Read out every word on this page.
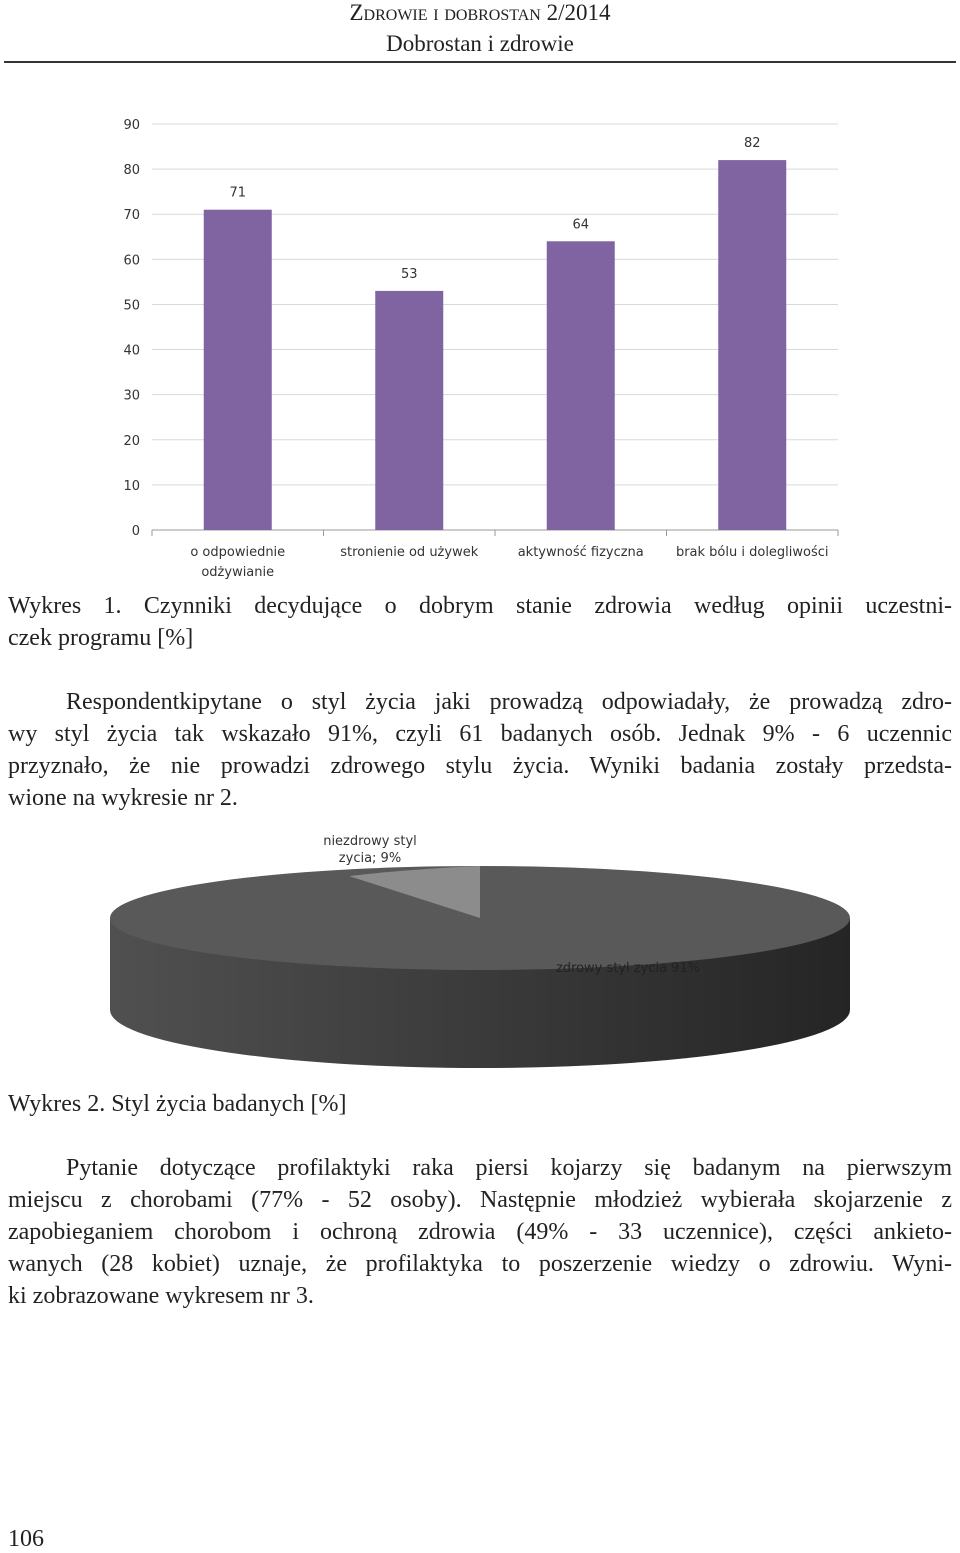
Zdrowie i dobrostan 2/2014
Dobrostan i zdrowie
0
10
20
30
40
50
60
70
80
90
71
o odpowiednie
odżywianie
53
stronienie od używek
64
aktywność fizyczna
82
brak bólu i dolegliwości
Wykres 1. Czynniki decydujące o dobrym stanie zdrowia według opinii uczestni-
czek programu [%]
Respondentkipytane o styl życia jaki prowadzą odpowiadały, że prowadzą zdro-
wy styl życia tak wskazało 91%, czyli 61 badanych osób. Jednak 9% - 6 uczennic
przyznało, że nie prowadzi zdrowego stylu życia. Wyniki badania zostały przedsta-
wione na wykresie nr 2.
niezdrowy styl
zycia; 9%
zdrowy styl zycia 91%
Wykres 2. Styl życia badanych [%]
Pytanie dotyczące profilaktyki raka piersi kojarzy się badanym na pierwszym
miejscu z chorobami (77% - 52 osoby). Następnie młodzież wybierała skojarzenie z
zapobieganiem chorobom i ochroną zdrowia (49% - 33 uczennice), części ankieto-
wanych (28 kobiet) uznaje, że profilaktyka to poszerzenie wiedzy o zdrowiu. Wyni-
ki zobrazowane wykresem nr 3.
106
